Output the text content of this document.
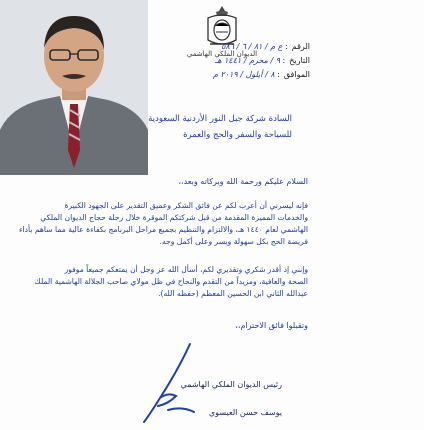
الديوان الملكي الهاشمي
الرقم: ع م / ٨١ / ٦ / ٥٨٦
التاريخ: ٩ / محرم / ١٤٤١ هـ
الموافق: ٨ / أيلول / ٢٠١٩ م
السادة شركة جبل النور الأردنية السعودية
للسياحة والسفر والحج والعمرة
السلام عليكم ورحمة الله وبركاته وبعد،،
فإنه ليسرني أن أعرب لكم عن فائق الشكر وعميق التقدير على الجهود الكبيرة
والخدمات المميزة المقدمة من قبل شركتكم الموقرة خلال رحلة حجاج الديوان الملكي
الهاشمي لعام ١٤٤٠ هـ، والالتزام والتنظيم بجميع مراحل البرنامج بكفاءة عالية مما ساهم بأداء
فريضة الحج بكل سهولة ويسر وعلى أكمل وجه.
وإنني إذ أقدر شكري وتقديري لكم، أسأل الله عز وجل أن يمتعكم جميعاً موفور
الصحة والعافية، ومزيداً من التقدم والنجاح في ظل مولاي صاحب الجلالة الهاشمية الملك
عبدالله الثاني ابن الحسين المعظم (حفظه الله).
وتقبلوا فائق الاحترام،،
رئيس الديوان الملكي الهاشمي
يوسف حسن العيسوي
